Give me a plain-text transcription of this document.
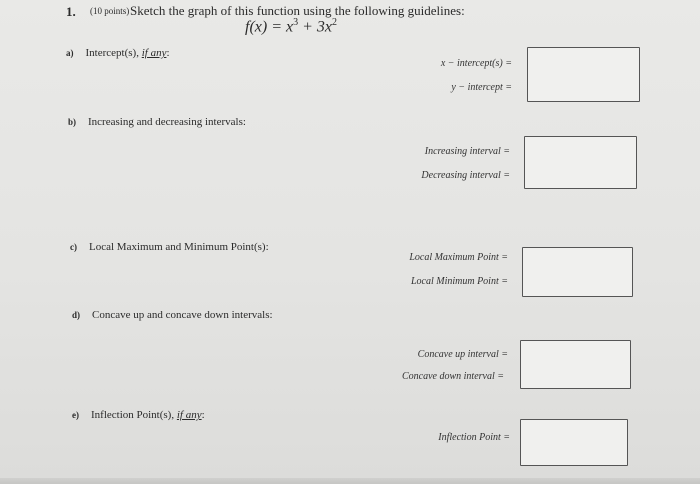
1. (10 points) Sketch the graph of this function using the following guidelines:
$f(x) = x^3 + 3x^2$
a) Intercept(s), if any:
x − intercept(s) =
y − intercept =
b) Increasing and decreasing intervals:
Increasing interval =
Decreasing interval =
c) Local Maximum and Minimum Point(s):
Local Maximum Point =
Local Minimum Point =
d) Concave up and concave down intervals:
Concave up interval =
Concave down interval =
e) Inflection Point(s), if any:
Inflection Point =
